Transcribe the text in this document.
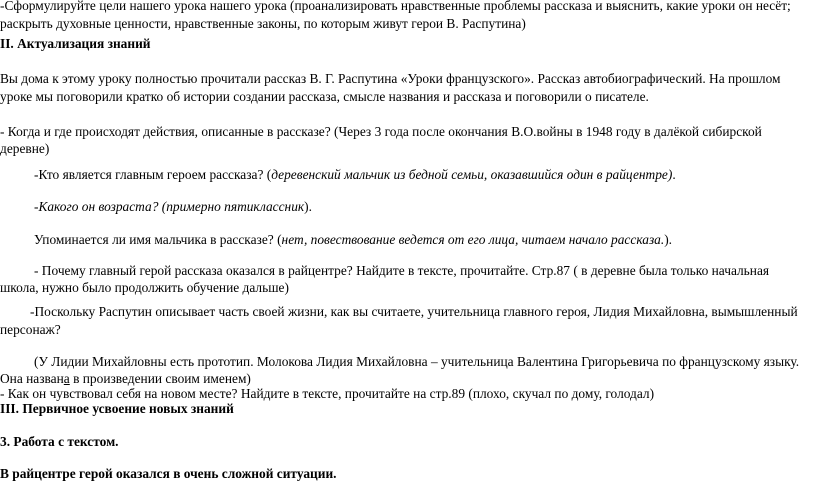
-Сформулируйте цели нашего урока нашего урока (проанализировать нравственные проблемы рассказа и выяснить, какие уроки он несёт;
раскрыть духовные ценности, нравственные законы, по которым живут герои В. Распутина)
II. Актуализация знаний
Вы дома к этому уроку полностью прочитали рассказ В. Г. Распутина «Уроки французского». Рассказ автобиографический. На прошлом
уроке мы поговорили кратко об истории создании рассказа, смысле названия и рассказа и поговорили о писателе.
- Когда и где происходят действия, описанные в рассказе? (Через 3 года после окончания В.О.войны в 1948 году в далёкой сибирской
деревне)
-Кто является главным героем рассказа? (деревенский мальчик из бедной семьи, оказавшийся один в райцентре).
-Какого он возраста? (примерно пятиклассник).
Упоминается ли имя мальчика в рассказе? (нет, повествование ведется от его лица, читаем начало рассказа.).
- Почему главный герой рассказа оказался в райцентре? Найдите в тексте, прочитайте. Стр.87 ( в деревне была только начальная
школа, нужно было продолжить обучение дальше)
-Поскольку Распутин описывает часть своей жизни, как вы считаете, учительница главного героя, Лидия Михайловна, вымышленный
персонаж?
(У Лидии Михайловны есть прототип. Молокова Лидия Михайловна – учительница Валентина Григорьевича по французскому языку.
Она названа в произведении своим именем)
- Как он чувствовал себя на новом месте? Найдите в тексте, прочитайте на стр.89 (плохо, скучал по дому, голодал)
III. Первичное усвоение новых знаний
3. Работа с текстом.
В райцентре герой оказался в очень сложной ситуации.
